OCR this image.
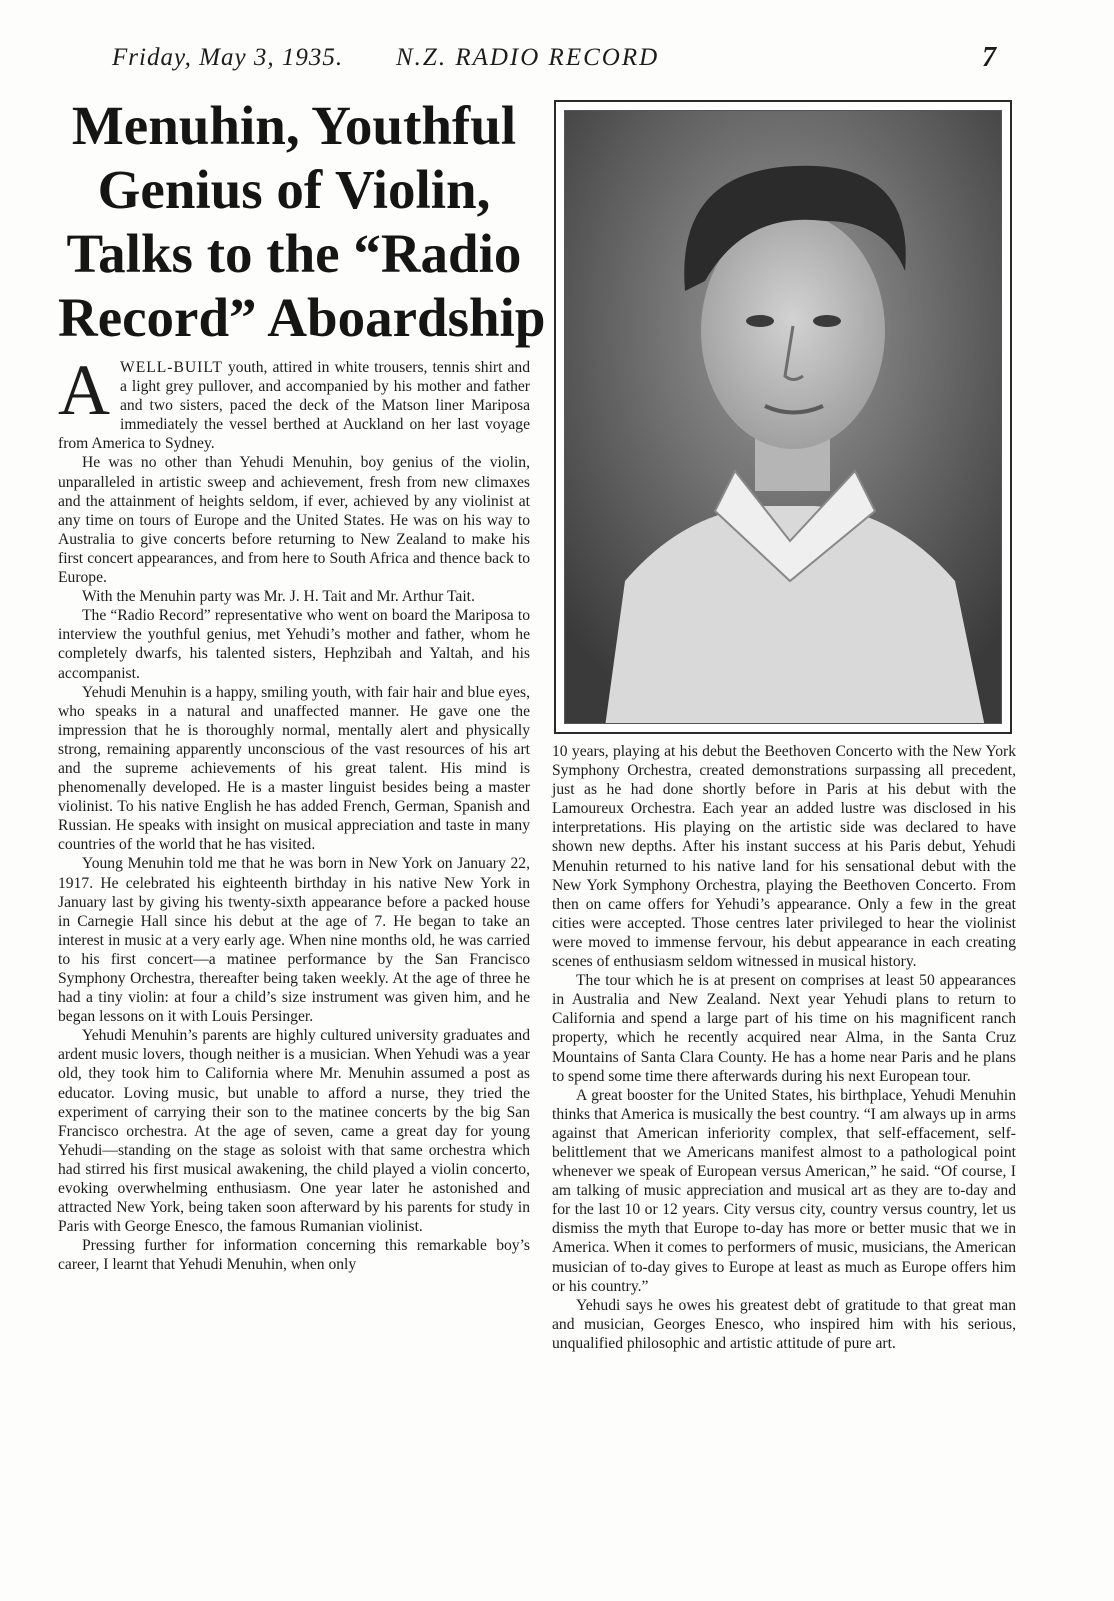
Friday, May 3, 1935. N.Z. RADIO RECORD	7
Menuhin, Youthful
Genius of Violin,
Talks to the “Radio
Record” Aboardship

AWELL-BUILT youth, attired in white trousers, tennis shirt and a light grey pullover, and accompanied by his mother and father and two sisters, paced the deck of the Matson liner Mariposa immediately the vessel berthed at Auckland on her last voyage from America to Sydney.

He was no other than Yehudi Menuhin, boy genius of the violin, unparalleled in artistic sweep and achievement, fresh from new climaxes and the attainment of heights seldom, if ever, achieved by any violinist at any time on tours of Europe and the United States. He was on his way to Australia to give concerts before returning to New Zealand to make his first concert appearances, and from here to South Africa and thence back to Europe.

With the Menuhin party was Mr. J. H. Tait and Mr. Arthur Tait.

The “Radio Record” representative who went on board the Mariposa to interview the youthful genius, met Yehudi’s mother and father, whom he completely dwarfs, his talented sisters, Hephzibah and Yaltah, and his accompanist.

Yehudi Menuhin is a happy, smiling youth, with fair hair and blue eyes, who speaks in a natural and unaffected manner. He gave one the impression that he is thoroughly normal, mentally alert and physically strong, remaining apparently unconscious of the vast resources of his art and the supreme achievements of his great talent. His mind is phenomenally developed. He is a master linguist besides being a master violinist. To his native English he has added French, German, Spanish and Russian. He speaks with insight on musical appreciation and taste in many countries of the world that he has visited.

Young Menuhin told me that he was born in New York on January 22, 1917. He celebrated his eighteenth birthday in his native New York in January last by giving his twenty-sixth appearance before a packed house in Carnegie Hall since his debut at the age of 7. He began to take an interest in music at a very early age. When nine months old, he was carried to his first concert—a matinee performance by the San Francisco Symphony Orchestra, thereafter being taken weekly. At the age of three he had a tiny violin: at four a child’s size instrument was given him, and he began lessons on it with Louis Persinger.

Yehudi Menuhin’s parents are highly cultured university graduates and ardent music lovers, though neither is a musician. When Yehudi was a year old, they took him to California where Mr. Menuhin assumed a post as educator. Loving music, but unable to afford a nurse, they tried the experiment of carrying their son to the matinee concerts by the big San Francisco orchestra. At the age of seven, came a great day for young Yehudi—standing on the stage as soloist with that same orchestra which had stirred his first musical awakening, the child played a violin concerto, evoking overwhelming enthusiasm. One year later he astonished and attracted New York, being taken soon afterward by his parents for study in Paris with George Enesco, the famous Rumanian violinist.

Pressing further for information concerning this remarkable boy’s career, I learnt that Yehudi Menuhin, when only

10 years, playing at his debut the Beethoven Concerto with the New York Symphony Orchestra, created demonstrations surpassing all precedent, just as he had done shortly before in Paris at his debut with the Lamoureux Orchestra. Each year an added lustre was disclosed in his interpretations. His playing on the artistic side was declared to have shown new depths. After his instant success at his Paris debut, Yehudi Menuhin returned to his native land for his sensational debut with the New York Symphony Orchestra, playing the Beethoven Concerto. From then on came offers for Yehudi’s appearance. Only a few in the great cities were accepted. Those centres later privileged to hear the violinist were moved to immense fervour, his debut appearance in each creating scenes of enthusiasm seldom witnessed in musical history.

The tour which he is at present on comprises at least 50 appearances in Australia and New Zealand. Next year Yehudi plans to return to California and spend a large part of his time on his magnificent ranch property, which he recently acquired near Alma, in the Santa Cruz Mountains of Santa Clara County. He has a home near Paris and he plans to spend some time there afterwards during his next European tour.

A great booster for the United States, his birthplace, Yehudi Menuhin thinks that America is musically the best country. “I am always up in arms against that American inferiority complex, that self-effacement, self-belittlement that we Americans manifest almost to a pathological point whenever we speak of European versus American,” he said. “Of course, I am talking of music appreciation and musical art as they are to-day and for the last 10 or 12 years. City versus city, country versus country, let us dismiss the myth that Europe to-day has more or better music that we in America. When it comes to performers of music, musicians, the American musician of to-day gives to Europe at least as much as Europe offers him or his country.”

Yehudi says he owes his greatest debt of gratitude to that great man and musician, Georges Enesco, who inspired him with his serious, unqualified philosophic and artistic attitude of pure art.
